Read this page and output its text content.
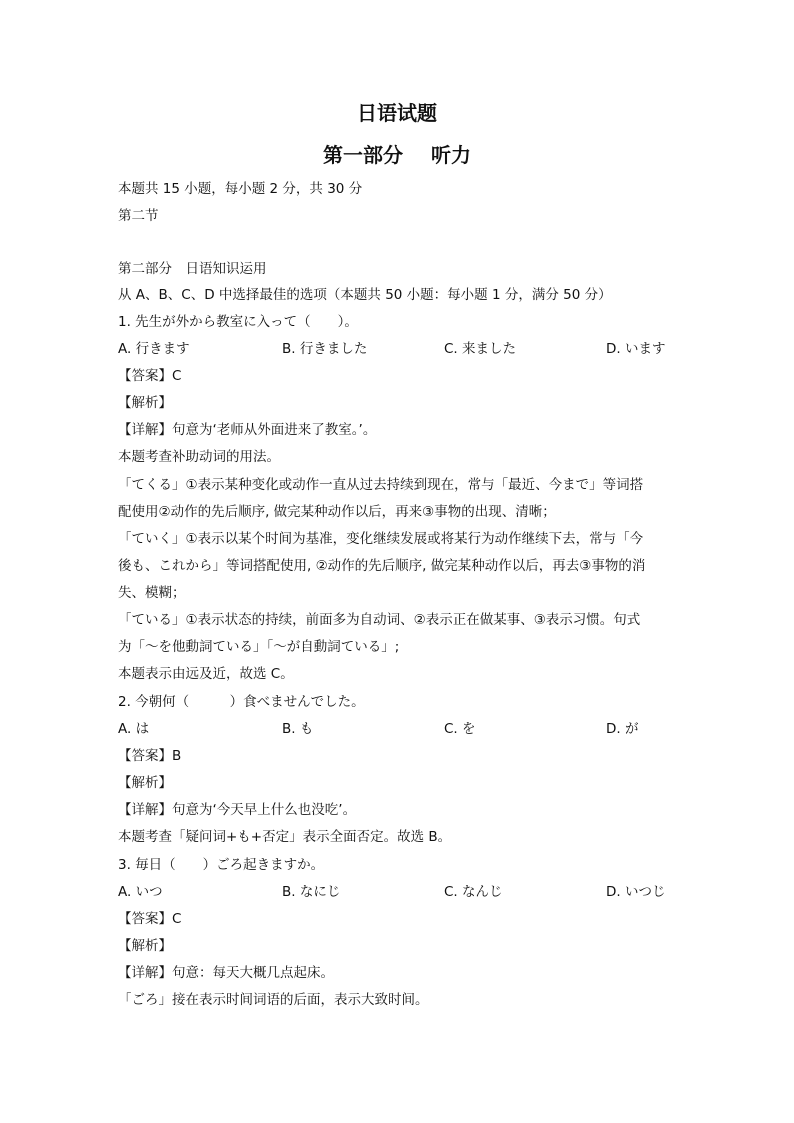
日语试题
第一部分 听力
本题共 15 小题，每小题 2 分，共 30 分
第二节
第二部分　日语知识运用
从 A、B、C、D 中选择最佳的选项（本题共 50 小题：每小题 1 分，满分 50 分）
1. 先生が外から教室に入って（　　）。
A. 行きます	B. 行きました	C. 来ました	D. います
【答案】C
【解析】
【详解】句意为‘老师从外面进来了教室。’。
本题考查补助动词的用法。
「てくる」①表示某种变化或动作一直从过去持续到现在，常与「最近、今まで」等词搭
配使用②动作的先后顺序, 做完某种动作以后，再来③事物的出现、清晰；
「ていく」①表示以某个时间为基准，变化继续发展或将某行为动作继续下去，常与「今
後も、これから」等词搭配使用, ②动作的先后顺序, 做完某种动作以后，再去③事物的消
失、模糊；
「ている」①表示状态的持续，前面多为自动词、②表示正在做某事、③表示习惯。句式
为「～を他動詞ている」「～が自動詞ている」;
本题表示由远及近，故选 C。
2. 今朝何（　　　）食べませんでした。
A. は	B. も	C. を	D. が
【答案】B
【解析】
【详解】句意为‘今天早上什么也没吃’。
本题考查「疑问词+も+否定」表示全面否定。故选 B。
3. 毎日（　　）ごろ起きますか。
A. いつ	B. なにじ	C. なんじ	D. いつじ
【答案】C
【解析】
【详解】句意：每天大概几点起床。
「ごろ」接在表示时间词语的后面，表示大致时间。
